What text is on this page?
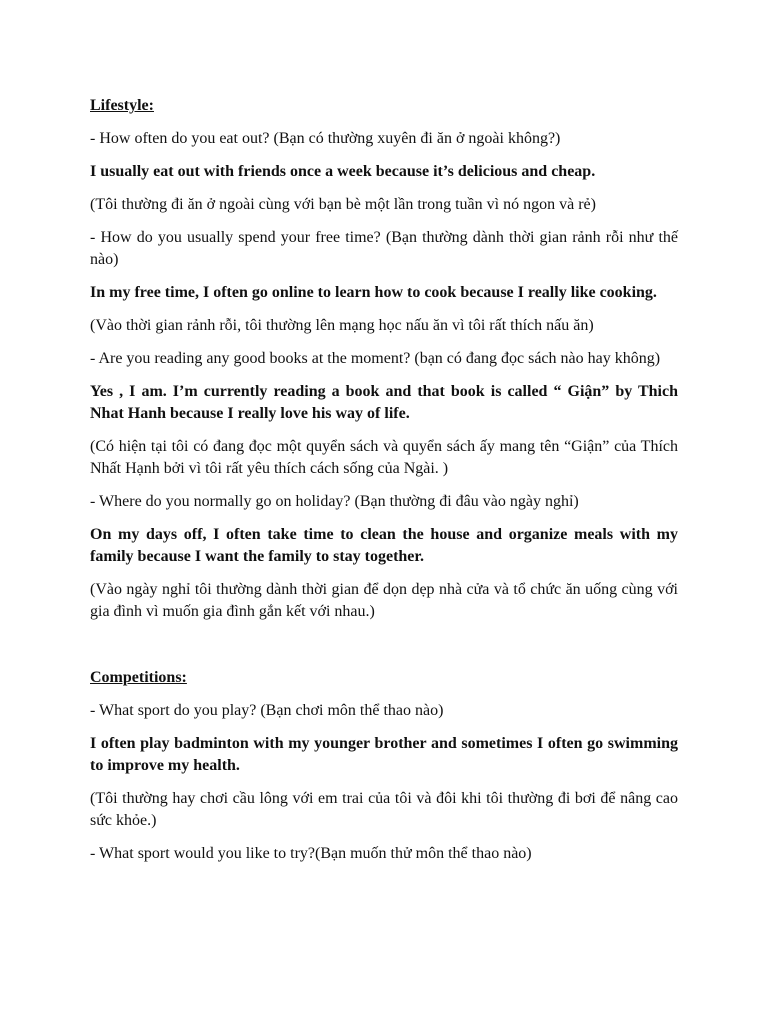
Lifestyle:
- How often do you eat out? (Bạn có thường xuyên đi ăn ở ngoài không?)
I usually eat out with friends once a week because it’s delicious and cheap.
(Tôi thường đi ăn ở ngoài cùng với bạn bè một lần trong tuần vì nó ngon và rẻ)
- How do you usually spend your free time? (Bạn thường dành thời gian rảnh rỗi như thế nào)
In my free time, I often go online to learn how to cook because I really like cooking.
(Vào thời gian rảnh rỗi, tôi thường lên mạng học nấu ăn vì tôi rất thích nấu ăn)
- Are you reading any good books at the moment? (bạn có đang đọc sách nào hay không)
Yes , I am. I’m currently reading a book and that book is called “ Giận” by Thich Nhat Hanh because I really love his way of life.
(Có hiện tại tôi có đang đọc một quyển sách và quyển sách ấy mang tên “Giận” của Thích Nhất Hạnh bởi vì tôi rất yêu thích cách sống của Ngài. )
- Where do you normally go on holiday? (Bạn thường đi đâu vào ngày nghỉ)
On my days off, I often take time to clean the house and organize meals with my family because I want the family to stay together.
(Vào ngày nghỉ tôi thường dành thời gian để dọn dẹp nhà cửa và tổ chức ăn uống cùng với gia đình vì muốn gia đình gắn kết với nhau.)
Competitions:
- What sport do you play? (Bạn chơi môn thể thao nào)
I often play badminton with my younger brother and sometimes I often go swimming to improve my health.
(Tôi thường hay chơi cầu lông với em trai của tôi và đôi khi tôi thường đi bơi để nâng cao sức khỏe.)
- What sport would you like to try?(Bạn muốn thử môn thể thao nào)
